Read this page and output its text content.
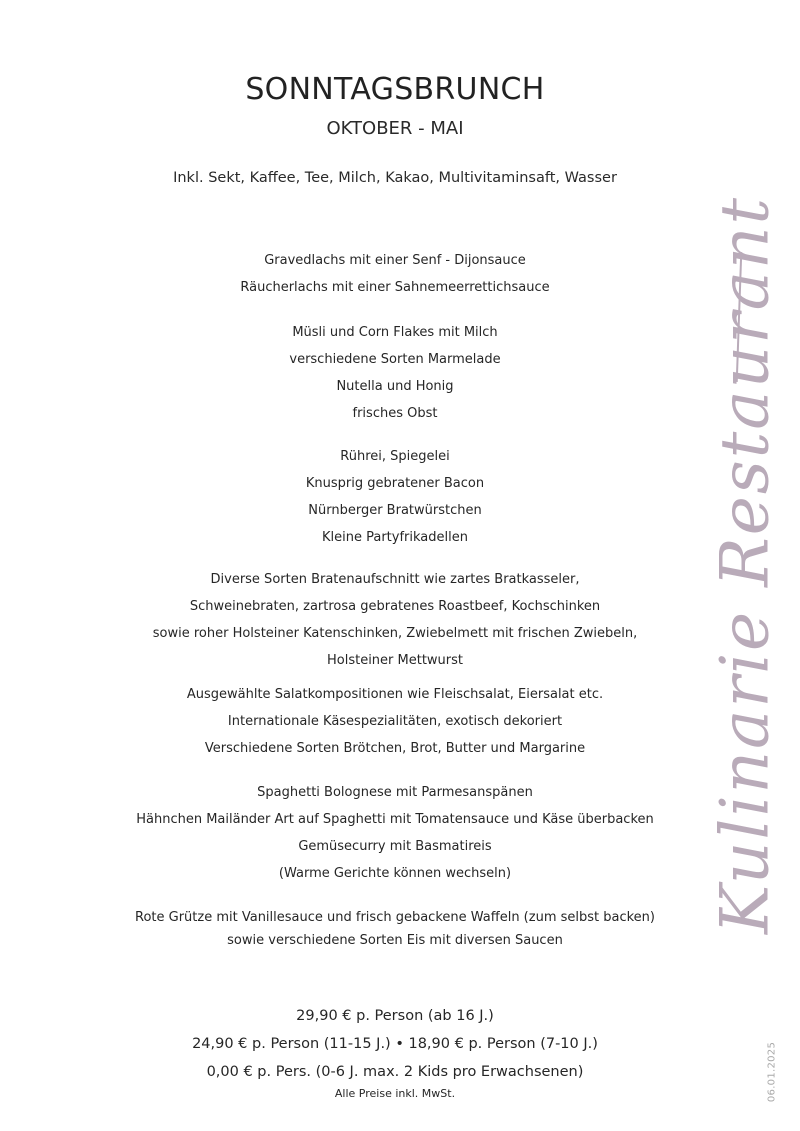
SONNTAGSBRUNCH
OKTOBER - MAI
Inkl. Sekt, Kaffee, Tee, Milch, Kakao, Multivitaminsaft, Wasser
Gravedlachs mit einer Senf - Dijonsauce
Räucherlachs mit einer Sahnemeerrettichsauce
Müsli und Corn Flakes mit Milch
verschiedene Sorten Marmelade
Nutella und Honig
frisches Obst
Rührei, Spiegelei
Knusprig gebratener Bacon
Nürnberger Bratwürstchen
Kleine Partyfrikadellen
Diverse Sorten Bratenaufschnitt wie zartes Bratkasseler,
Schweinebraten, zartrosa gebratenes Roastbeef, Kochschinken
sowie roher Holsteiner Katenschinken, Zwiebelmett mit frischen Zwiebeln,
Holsteiner Mettwurst
Ausgewählte Salatkompositionen wie Fleischsalat, Eiersalat etc.
Internationale Käsespezialitäten, exotisch dekoriert
Verschiedene Sorten Brötchen, Brot, Butter und Margarine
Spaghetti Bolognese mit Parmesanspänen
Hähnchen Mailänder Art auf Spaghetti mit Tomatensauce und Käse überbacken
Gemüsecurry mit Basmatireis
(Warme Gerichte können wechseln)
Rote Grütze mit Vanillesauce und frisch gebackene Waffeln (zum selbst backen)
sowie verschiedene Sorten Eis mit diversen Saucen
29,90 € p. Person (ab 16 J.)
24,90 € p. Person (11-15 J.) • 18,90 € p. Person (7-10 J.)
0,00 € p. Pers. (0-6 J. max. 2 Kids pro Erwachsenen)
Alle Preise inkl. MwSt.
Kulinarie Restaurant
06.01.2025
